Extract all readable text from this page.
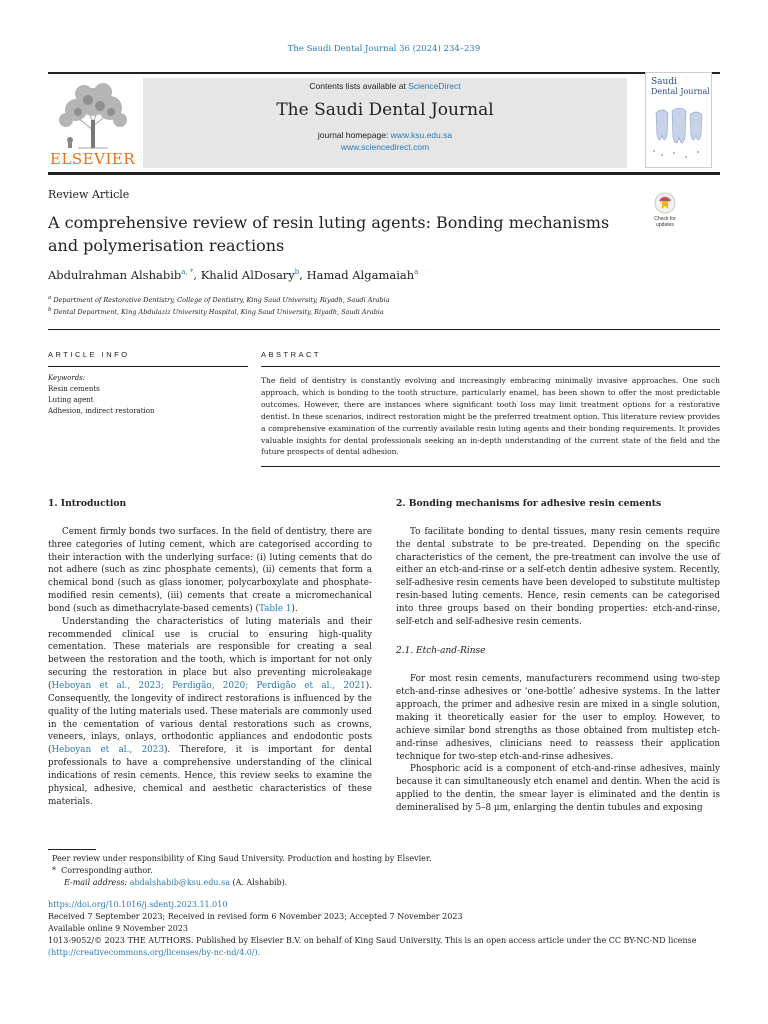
The Saudi Dental Journal 36 (2024) 234–239
ELSEVIER
Contents lists available at ScienceDirect
The Saudi Dental Journal
journal homepage: www.ksu.edu.sa
www.sciencedirect.com
Saudi
Dental Journal
Review Article
A comprehensive review of resin luting agents: Bonding mechanisms and polymerisation reactions
Check for
updates
Abdulrahman Alshabib$^{a, *}$, Khalid AlDosary$^b$, Hamad Algamaiah$^a$
$^a$ Department of Restorative Dentistry, College of Dentistry, King Saud University, Riyadh, Saudi Arabia
$^b$ Dental Department, King Abdulaziz University Hospital, King Saud University, Riyadh, Saudi Arabia
ARTICLE INFO	ABSTRACT
Keywords:
Resin cements
Luting agent
Adhesion, indirect restoration
The field of dentistry is constantly evolving and increasingly embracing minimally invasive approaches. One such approach, which is bonding to the tooth structure, particularly enamel, has been shown to offer the most predictable outcomes. However, there are instances where significant tooth loss may limit treatment options for a restorative dentist. In these scenarios, indirect restoration might be the preferred treatment option. This literature review provides a comprehensive examination of the currently available resin luting agents and their bonding requirements. It provides valuable insights for dental professionals seeking an in-depth understanding of the current state of the field and the future prospects of dental adhesion.
1. Introduction

Cement firmly bonds two surfaces. In the field of dentistry, there are three categories of luting cement, which are categorised according to their interaction with the underlying surface: (i) luting cements that do not adhere (such as zinc phosphate cements), (ii) cements that form a chemical bond (such as glass ionomer, polycarboxylate and phosphate-modified resin cements), (iii) cements that create a micromechanical bond (such as dimethacrylate-based cements) (Table 1).

Understanding the characteristics of luting materials and their recommended clinical use is crucial to ensuring high-quality cementation. These materials are responsible for creating a seal between the restoration and the tooth, which is important for not only securing the restoration in place but also preventing microleakage (Heboyan et al., 2023; Perdigão, 2020; Perdigão et al., 2021). Consequently, the longevity of indirect restorations is influenced by the quality of the luting materials used. These materials are commonly used in the cementation of various dental restorations such as crowns, veneers, inlays, onlays, orthodontic appliances and endodontic posts (Heboyan et al., 2023). Therefore, it is important for dental professionals to have a comprehensive understanding of the clinical indications of resin cements. Hence, this review seeks to examine the physical, adhesive, chemical and aesthetic characteristics of these materials.

2. Bonding mechanisms for adhesive resin cements

To facilitate bonding to dental tissues, many resin cements require the dental substrate to be pre-treated. Depending on the specific characteristics of the cement, the pre-treatment can involve the use of either an etch-and-rinse or a self-etch dentin adhesive system. Recently, self-adhesive resin cements have been developed to substitute multistep resin-based luting cements. Hence, resin cements can be categorised into three groups based on their bonding properties: etch-and-rinse, self-etch and self-adhesive resin cements.

2.1. Etch-and-Rinse

For most resin cements, manufacturers recommend using two-step etch-and-rinse adhesives or ‘one-bottle’ adhesive systems. In the latter approach, the primer and adhesive resin are mixed in a single solution, making it theoretically easier for the user to employ. However, to achieve similar bond strengths as those obtained from multistep etch-and-rinse adhesives, clinicians need to reassess their application technique for two-step etch-and-rinse adhesives.

Phosphoric acid is a component of etch-and-rinse adhesives, mainly because it can simultaneously etch enamel and dentin. When the acid is applied to the dentin, the smear layer is eliminated and the dentin is demineralised by 5–8 μm, enlarging the dentin tubules and exposing

Peer review under responsibility of King Saud University. Production and hosting by Elsevier.
*  Corresponding author.
E-mail address: abdalshabib@ksu.edu.sa (A. Alshabib).
https://doi.org/10.1016/j.sdentj.2023.11.010
Received 7 September 2023; Received in revised form 6 November 2023; Accepted 7 November 2023
Available online 9 November 2023
1013-9052/© 2023 THE AUTHORS. Published by Elsevier B.V. on behalf of King Saud University. This is an open access article under the CC BY-NC-ND license
(http://creativecommons.org/licenses/by-nc-nd/4.0/).
